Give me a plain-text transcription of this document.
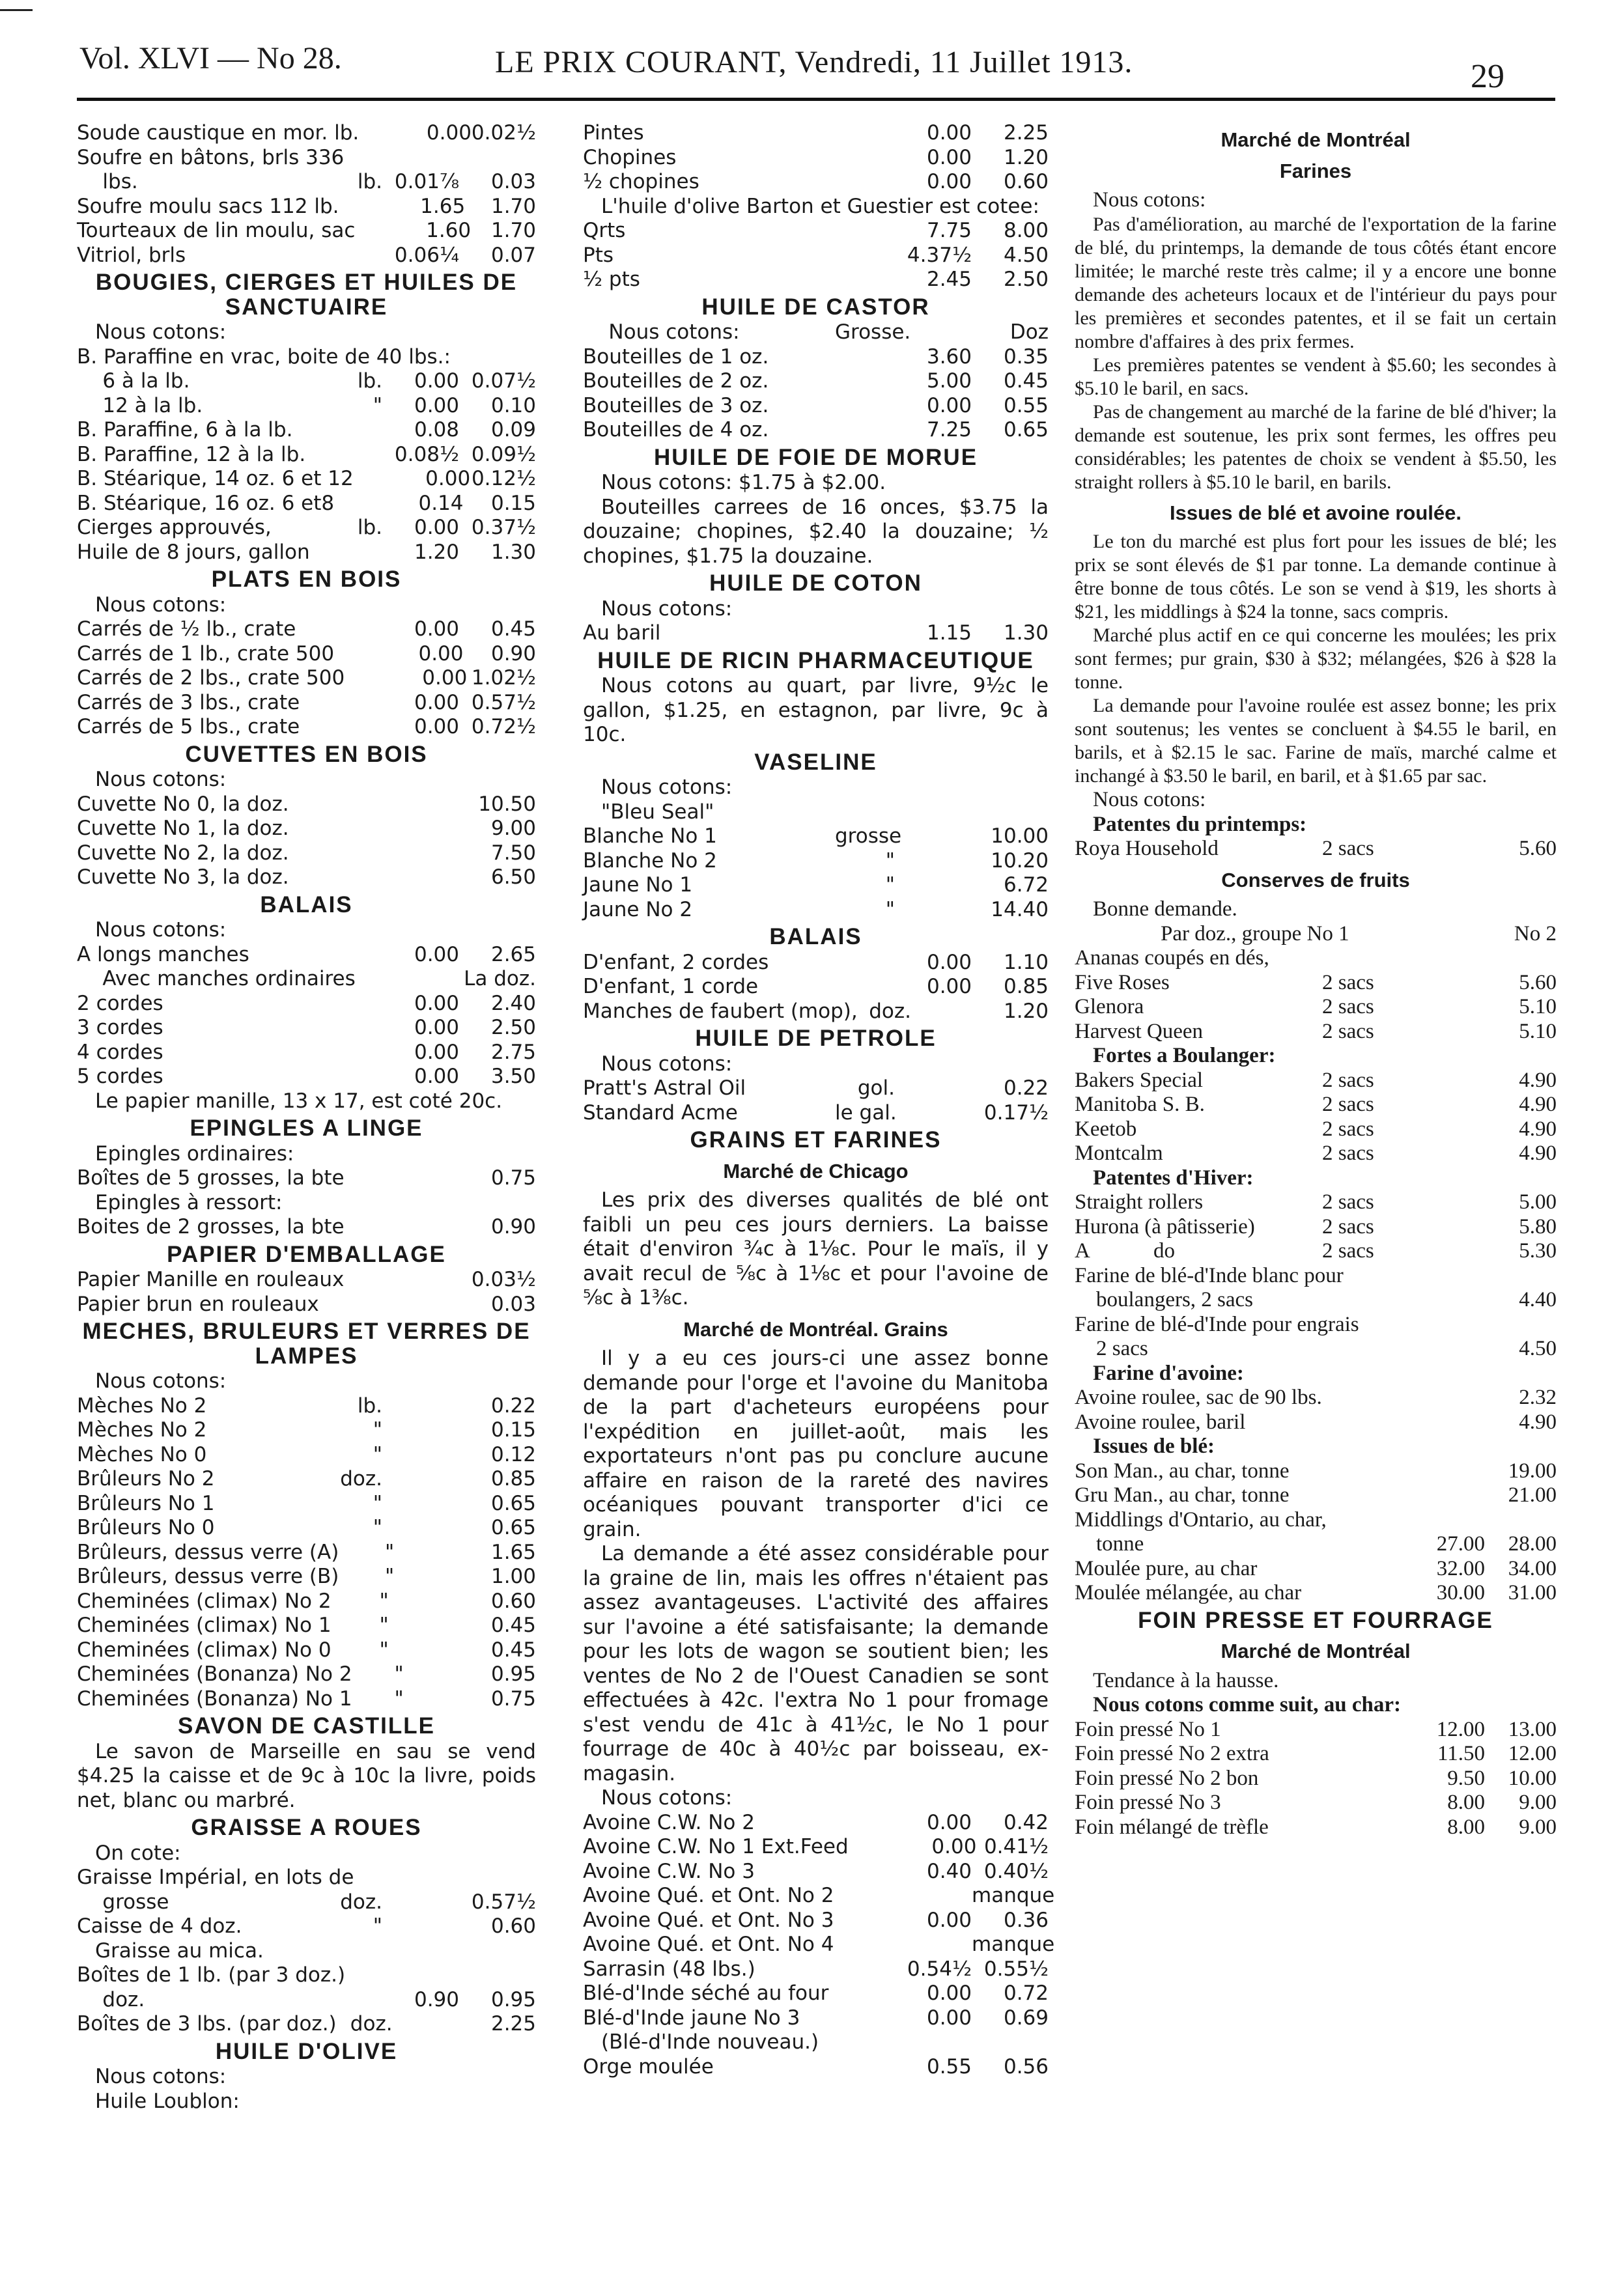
Vol. XLVI — No 28.	LE PRIX COURANT, Vendredi, 11 Juillet 1913.	29
Soude caustique en mor. lb.	0.00 0.02½
Soufre en bâtons, brls 336
lbs.	lb. 0.01⅞	0.03
Soufre moulu sacs 112 lb.	1.65	1.70
Tourteaux de lin moulu, sac	1.60 1.70
Vitriol, brls	0.06¼	0.07
BOUGIES, CIERGES ET HUILES DE SANCTUAIRE
Nous cotons:
B. Paraffine en vrac, boite de 40 lbs.:
6 à la lb.	lb.	0.00 0.07½
12 à la lb.	"	0.00	0.10
B. Paraffine, 6 à la lb.	0.08	0.09
B. Paraffine, 12 à la lb.	0.08½ 0.09½
B. Stéarique, 14 oz. 6 et 12	0.00 0.12½
B. Stéarique, 16 oz. 6 et8	0.14	0.15
Cierges approuvés,	lb.	0.00 0.37½
Huile de 8 jours, gallon	1.20	1.30
PLATS EN BOIS
Nous cotons:
Carrés de ½ lb., crate	0.00	0.45
Carrés de 1 lb., crate 500	0.00	0.90
Carrés de 2 lbs., crate 500	0.00 1.02½
Carrés de 3 lbs., crate	0.00 0.57½
Carrés de 5 lbs., crate	0.00 0.72½
CUVETTES EN BOIS
Nous cotons:
Cuvette No 0, la doz.	10.50
Cuvette No 1, la doz.	9.00
Cuvette No 2, la doz.	7.50
Cuvette No 3, la doz.	6.50
BALAIS
Nous cotons:
A longs manches	0.00	2.65
Avec manches ordinaires	La doz.
2 cordes	0.00	2.40
3 cordes	0.00	2.50
4 cordes	0.00	2.75
5 cordes	0.00	3.50
Le papier manille, 13 x 17, est coté 20c.
EPINGLES A LINGE
Epingles ordinaires:
Boîtes de 5 grosses, la bte	0.75
Epingles à ressort:
Boites de 2 grosses, la bte	0.90
PAPIER D'EMBALLAGE
Papier Manille en rouleaux	0.03½
Papier brun en rouleaux	0.03
MECHES, BRULEURS ET VERRES DE LAMPES
Nous cotons:
Mèches No 2	lb.	0.22
Mèches No 2	"	0.15
Mèches No 0	"	0.12
Brûleurs No 2	doz.	0.85
Brûleurs No 1	"	0.65
Brûleurs No 0	"	0.65
Brûleurs, dessus verre (A)	"	1.65
Brûleurs, dessus verre (B)	"	1.00
Cheminées (climax) No 2	"	0.60
Cheminées (climax) No 1	"	0.45
Cheminées (climax) No 0	"	0.45
Cheminées (Bonanza) No 2	"	0.95
Cheminées (Bonanza) No 1	"	0.75
SAVON DE CASTILLE
Le savon de Marseille en sau se vend $4.25 la caisse et de 9c à 10c la livre, poids net, blanc ou marbré.
GRAISSE A ROUES
On cote:
Graisse Impérial, en lots de
grosse	doz.	0.57½
Caisse de 4 doz.	"	0.60
Graisse au mica.
Boîtes de 1 lb. (par 3 doz.)
doz.	0.90	0.95
Boîtes de 3 lbs. (par doz.) doz.	2.25
HUILE D'OLIVE
Nous cotons:
Huile Loublon:
Pintes	0.00	2.25
Chopines	0.00	1.20
½ chopines	0.00	0.60
L'huile d'olive Barton et Guestier est cotee:
Qrts	7.75	8.00
Pts	4.37½	4.50
½ pts	2.45	2.50
HUILE DE CASTOR
Nous cotons:	Grosse.	Doz
Bouteilles de 1 oz.	3.60	0.35
Bouteilles de 2 oz.	5.00	0.45
Bouteilles de 3 oz.	0.00	0.55
Bouteilles de 4 oz.	7.25	0.65
HUILE DE FOIE DE MORUE
Nous cotons: $1.75 à $2.00.
Bouteilles carrees de 16 onces, $3.75 la douzaine; chopines, $2.40 la douzaine; ½ chopines, $1.75 la douzaine.
HUILE DE COTON
Nous cotons:
Au baril	1.15	1.30
HUILE DE RICIN PHARMACEUTIQUE
Nous cotons au quart, par livre, 9½c le gallon, $1.25, en estagnon, par livre, 9c à 10c.
VASELINE
Nous cotons:
"Bleu Seal"
Blanche No 1	grosse	10.00
Blanche No 2	"	10.20
Jaune No 1	"	6.72
Jaune No 2	"	14.40
BALAIS
D'enfant, 2 cordes	0.00	1.10
D'enfant, 1 corde	0.00	0.85
Manches de faubert (mop), doz.	1.20
HUILE DE PETROLE
Nous cotons:
Pratt's Astral Oil	gol.	0.22
Standard Acme	le gal.	0.17½
GRAINS ET FARINES
Marché de Chicago
Les prix des diverses qualités de blé ont faibli un peu ces jours derniers. La baisse était d'environ ¾c à 1⅛c. Pour le maïs, il y avait recul de ⅝c à 1⅛c et pour l'avoine de ⅝c à 1⅜c.
Marché de Montréal. Grains
Il y a eu ces jours-ci une assez bonne demande pour l'orge et l'avoine du Manitoba de la part d'acheteurs européens pour l'expédition en juillet-août, mais les exportateurs n'ont pas pu conclure aucune affaire en raison de la rareté des navires océaniques pouvant transporter d'ici ce grain.
La demande a été assez considérable pour la graine de lin, mais les offres n'étaient pas assez avantageuses. L'activité des affaires sur l'avoine a été satisfaisante; la demande pour les lots de wagon se soutient bien; les ventes de No 2 de l'Ouest Canadien se sont effectuées à 42c. l'extra No 1 pour fromage s'est vendu de 41c à 41½c, le No 1 pour fourrage de 40c à 40½c par boisseau, ex-magasin.
Nous cotons:
Avoine C.W. No 2	0.00	0.42
Avoine C.W. No 1 Ext.Feed	0.00 0.41½
Avoine C.W. No 3	0.40 0.40½
Avoine Qué. et Ont. No 2	manque
Avoine Qué. et Ont. No 3	0.00	0.36
Avoine Qué. et Ont. No 4	manque
Sarrasin (48 lbs.)	0.54½ 0.55½
Blé-d'Inde séché au four	0.00	0.72
Blé-d'Inde jaune No 3	0.00	0.69
(Blé-d'Inde nouveau.)
Orge moulée	0.55	0.56
Marché de Montréal
Farines
Nous cotons:
Pas d'amélioration, au marché de l'exportation de la farine de blé, du printemps, la demande de tous côtés étant encore limitée; le marché reste très calme; il y a encore une bonne demande des acheteurs locaux et de l'intérieur du pays pour les premières et secondes patentes, et il se fait un certain nombre d'affaires à des prix fermes.
Les premières patentes se vendent à $5.60; les secondes à $5.10 le baril, en sacs.
Pas de changement au marché de la farine de blé d'hiver; la demande est soutenue, les prix sont fermes, les offres peu considérables; les patentes de choix se vendent à $5.50, les straight rollers à $5.10 le baril, en barils.
Issues de blé et avoine roulée.
Le ton du marché est plus fort pour les issues de blé; les prix se sont élevés de $1 par tonne. La demande continue à être bonne de tous côtés. Le son se vend à $19, les shorts à $21, les middlings à $24 la tonne, sacs compris.
Marché plus actif en ce qui concerne les moulées; les prix sont fermes; pur grain, $30 à $32; mélangées, $26 à $28 la tonne.
La demande pour l'avoine roulée est assez bonne; les prix sont soutenus; les ventes se concluent à $4.55 le baril, en barils, et à $2.15 le sac. Farine de maïs, marché calme et inchangé à $3.50 le baril, en baril, et à $1.65 par sac.
Nous cotons:
Patentes du printemps:
Roya Household	2 sacs	5.60
Conserves de fruits
Bonne demande.
Par doz., groupe No 1	No 2
Ananas coupés en dés,
Five Roses	2 sacs	5.60
Glenora	2 sacs	5.10
Harvest Queen	2 sacs	5.10
Fortes a Boulanger:
Bakers Special	2 sacs	4.90
Manitoba S. B.	2 sacs	4.90
Keetob	2 sacs	4.90
Montcalm	2 sacs	4.90
Patentes d'Hiver:
Straight rollers	2 sacs	5.00
Hurona (à pâtisserie)	2 sacs	5.80
A            do	2 sacs	5.30
Farine de blé-d'Inde blanc pour
boulangers, 2 sacs	4.40
Farine de blé-d'Inde pour engrais
2 sacs	4.50
Farine d'avoine:
Avoine roulee, sac de 90 lbs.	2.32
Avoine roulee, baril	4.90
Issues de blé:
Son Man., au char, tonne	19.00
Gru Man., au char, tonne	21.00
Middlings d'Ontario, au char,
tonne	27.00	28.00
Moulée pure, au char	32.00	34.00
Moulée mélangée, au char	30.00	31.00
FOIN PRESSE ET FOURRAGE
Marché de Montréal
Tendance à la hausse.
Nous cotons comme suit, au char:
Foin pressé No 1	12.00	13.00
Foin pressé No 2 extra	11.50	12.00
Foin pressé No 2 bon	9.50	10.00
Foin pressé No 3	8.00	9.00
Foin mélangé de trèfle	8.00	9.00
